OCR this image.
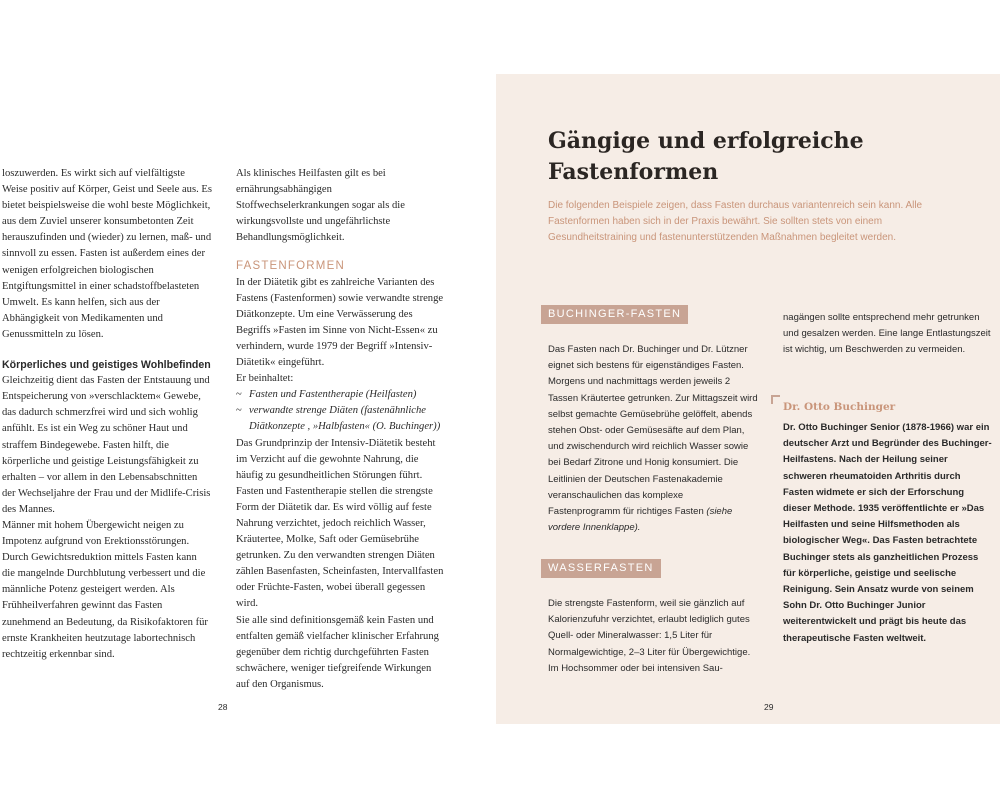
loszuwerden. Es wirkt sich auf vielfältigste Weise positiv auf Körper, Geist und Seele aus. Es bietet beispielsweise die wohl beste Möglichkeit, aus dem Zuviel unserer konsumbetonten Zeit herauszufinden und (wieder) zu lernen, maß- und sinnvoll zu essen. Fasten ist außerdem eines der wenigen erfolgreichen biologischen Entgiftungsmittel in einer schadstoffbelasteten Umwelt. Es kann helfen, sich aus der Abhängigkeit von Medikamenten und Genussmitteln zu lösen.

Körperliches und geistiges Wohlbefinden

Gleichzeitig dient das Fasten der Entstauung und Entspeicherung von »verschlacktem« Gewebe, das dadurch schmerzfrei wird und sich wohlig anfühlt. Es ist ein Weg zu schöner Haut und straffem Bindegewebe. Fasten hilft, die körperliche und geistige Leistungsfähigkeit zu erhalten – vor allem in den Lebensabschnitten der Wechseljahre der Frau und der Midlife-Crisis des Mannes.

Männer mit hohem Übergewicht neigen zu Impotenz aufgrund von Erektionsstörungen. Durch Gewichtsreduktion mittels Fasten kann die mangelnde Durchblutung verbessert und die männliche Potenz gesteigert werden. Als Frühheilverfahren gewinnt das Fasten zunehmend an Bedeutung, da Risikofaktoren für ernste Krankheiten heutzutage labortechnisch rechtzeitig erkennbar sind.

Als klinisches Heilfasten gilt es bei ernährungsabhängigen Stoffwechselerkrankungen sogar als die wirkungsvollste und ungefährlichste Behandlungsmöglichkeit.

FASTENFORMEN

In der Diätetik gibt es zahlreiche Varianten des Fastens (Fastenformen) sowie verwandte strenge Diätkonzepte. Um eine Verwässerung des Begriffs »Fasten im Sinne von Nicht-Essen« zu verhindern, wurde 1979 der Begriff »Intensiv-Diätetik« eingeführt.

Er beinhaltet:

~ Fasten und Fastentherapie (Heilfasten)
~ verwandte strenge Diäten (fastenähnliche Diätkonzepte , »Halbfasten« (O. Buchinger))

Das Grundprinzip der Intensiv-Diätetik besteht im Verzicht auf die gewohnte Nahrung, die häufig zu gesundheitlichen Störungen führt. Fasten und Fastentherapie stellen die strengste Form der Diätetik dar. Es wird völlig auf feste Nahrung verzichtet, jedoch reichlich Wasser, Kräutertee, Molke, Saft oder Gemüsebrühe getrunken. Zu den verwandten strengen Diäten zählen Basenfasten, Scheinfasten, Intervallfasten oder Früchte-Fasten, wobei überall gegessen wird.

Sie alle sind definitionsgemäß kein Fasten und entfalten gemäß vielfacher klinischer Erfahrung gegenüber dem richtig durchgeführten Fasten schwächere, weniger tiefgreifende Wirkungen auf den Organismus.

28
Gängige und erfolgreiche Fastenformen

Die folgenden Beispiele zeigen, dass Fasten durchaus variantenreich sein kann. Alle Fastenformen haben sich in der Praxis bewährt. Sie sollten stets von einem Gesundheitstraining und fastenunterstützenden Maßnahmen begleitet werden.

BUCHINGER-FASTEN

Das Fasten nach Dr. Buchinger und Dr. Lützner eignet sich bestens für eigenständiges Fasten. Morgens und nachmittags werden jeweils 2 Tassen Kräutertee getrunken. Zur Mittagszeit wird selbst gemachte Gemüsebrühe gelöffelt, abends stehen Obst- oder Gemüsesäfte auf dem Plan, und zwischendurch wird reichlich Wasser sowie bei Bedarf Zitrone und Honig konsumiert. Die Leitlinien der Deutschen Fastenakademie veranschaulichen das komplexe Fastenprogramm für richtiges Fasten (siehe vordere Innenklappe).

WASSERFASTEN

Die strengste Fastenform, weil sie gänzlich auf Kalorienzufuhr verzichtet, erlaubt lediglich gutes Quell- oder Mineralwasser: 1,5 Liter für Normalgewichtige, 2–3 Liter für Übergewichtige. Im Hochsommer oder bei intensiven Sau-

nagängen sollte entsprechend mehr getrunken und gesalzen werden. Eine lange Entlastungszeit ist wichtig, um Beschwerden zu vermeiden.

Dr. Otto Buchinger

Dr. Otto Buchinger Senior (1878-1966) war ein deutscher Arzt und Begründer des Buchinger-Heilfastens. Nach der Heilung seiner schweren rheumatoiden Arthritis durch Fasten widmete er sich der Erforschung dieser Methode. 1935 veröffentlichte er »Das Heilfasten und seine Hilfsmethoden als biologischer Weg«. Das Fasten betrachtete Buchinger stets als ganzheitlichen Prozess für körperliche, geistige und seelische Reinigung. Sein Ansatz wurde von seinem Sohn Dr. Otto Buchinger Junior weiterentwickelt und prägt bis heute das therapeutische Fasten weltweit.

29
